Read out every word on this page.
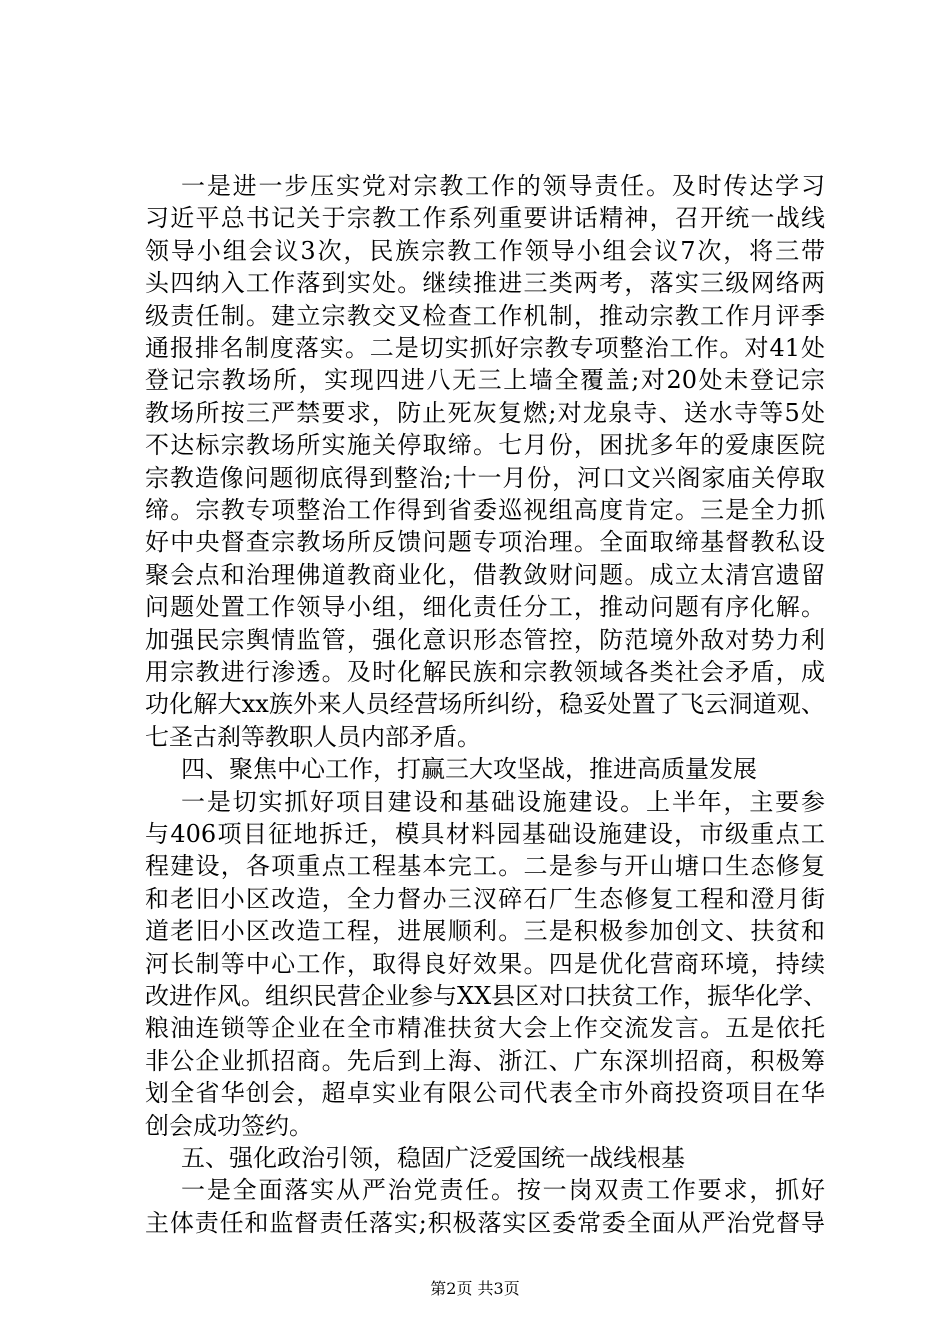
一是进一步压实党对宗教工作的领导责任。及时传达学习
习近平总书记关于宗教工作系列重要讲话精神，召开统一战线
领导小组会议3次，民族宗教工作领导小组会议7次，将三带
头四纳入工作落到实处。继续推进三类两考，落实三级网络两
级责任制。建立宗教交叉检查工作机制，推动宗教工作月评季
通报排名制度落实。二是切实抓好宗教专项整治工作。对41处
登记宗教场所，实现四进八无三上墙全覆盖;对20处未登记宗
教场所按三严禁要求，防止死灰复燃;对龙泉寺、送水寺等5处
不达标宗教场所实施关停取缔。七月份，困扰多年的爱康医院
宗教造像问题彻底得到整治;十一月份，河口文兴阁家庙关停取
缔。宗教专项整治工作得到省委巡视组高度肯定。三是全力抓
好中央督查宗教场所反馈问题专项治理。全面取缔基督教私设
聚会点和治理佛道教商业化，借教敛财问题。成立太清宫遗留
问题处置工作领导小组，细化责任分工，推动问题有序化解。
加强民宗舆情监管，强化意识形态管控，防范境外敌对势力利
用宗教进行渗透。及时化解民族和宗教领域各类社会矛盾，成
功化解大xx族外来人员经营场所纠纷，稳妥处置了飞云洞道观、
七圣古刹等教职人员内部矛盾。
四、聚焦中心工作，打赢三大攻坚战，推进高质量发展
一是切实抓好项目建设和基础设施建设。上半年，主要参
与406项目征地拆迁，模具材料园基础设施建设，市级重点工
程建设，各项重点工程基本完工。二是参与开山塘口生态修复
和老旧小区改造，全力督办三汊碎石厂生态修复工程和澄月街
道老旧小区改造工程，进展顺利。三是积极参加创文、扶贫和
河长制等中心工作，取得良好效果。四是优化营商环境，持续
改进作风。组织民营企业参与XX县区对口扶贫工作，振华化学、
粮油连锁等企业在全市精准扶贫大会上作交流发言。五是依托
非公企业抓招商。先后到上海、浙江、广东深圳招商，积极筹
划全省华创会，超卓实业有限公司代表全市外商投资项目在华
创会成功签约。
五、强化政治引领，稳固广泛爱国统一战线根基
一是全面落实从严治党责任。按一岗双责工作要求，抓好
主体责任和监督责任落实;积极落实区委常委全面从严治党督导
第2页 共3页
